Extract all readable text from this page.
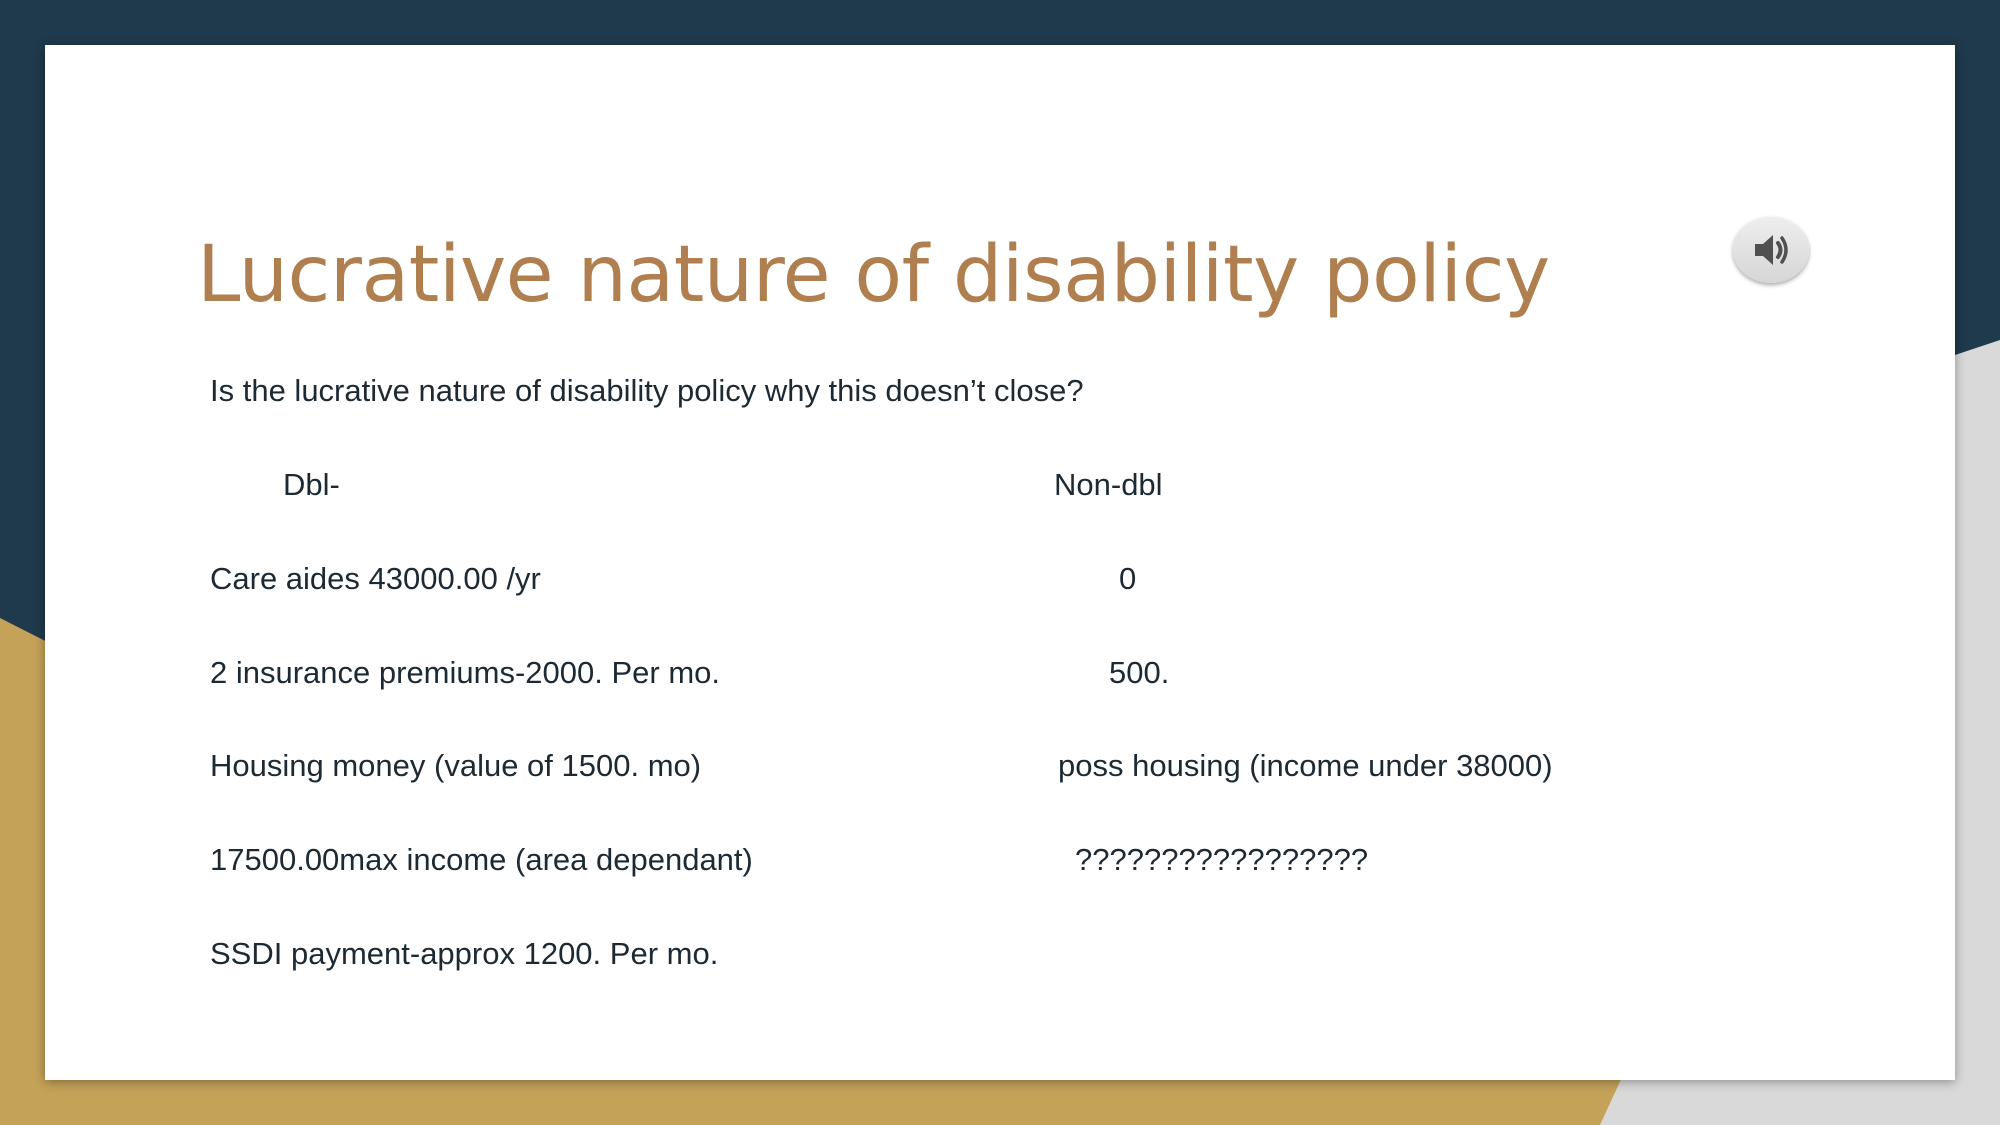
Lucrative nature of disability policy

Is the lucrative nature of disability policy why this doesn’t close?

Dbl-	Non-dbl

Care aides 43000.00 /yr	0

2 insurance premiums-2000. Per mo.	500.

Housing money (value of 1500. mo)	poss housing (income under 38000)

17500.00max income (area dependant)	?????????????????

SSDI payment-approx 1200. Per mo.
